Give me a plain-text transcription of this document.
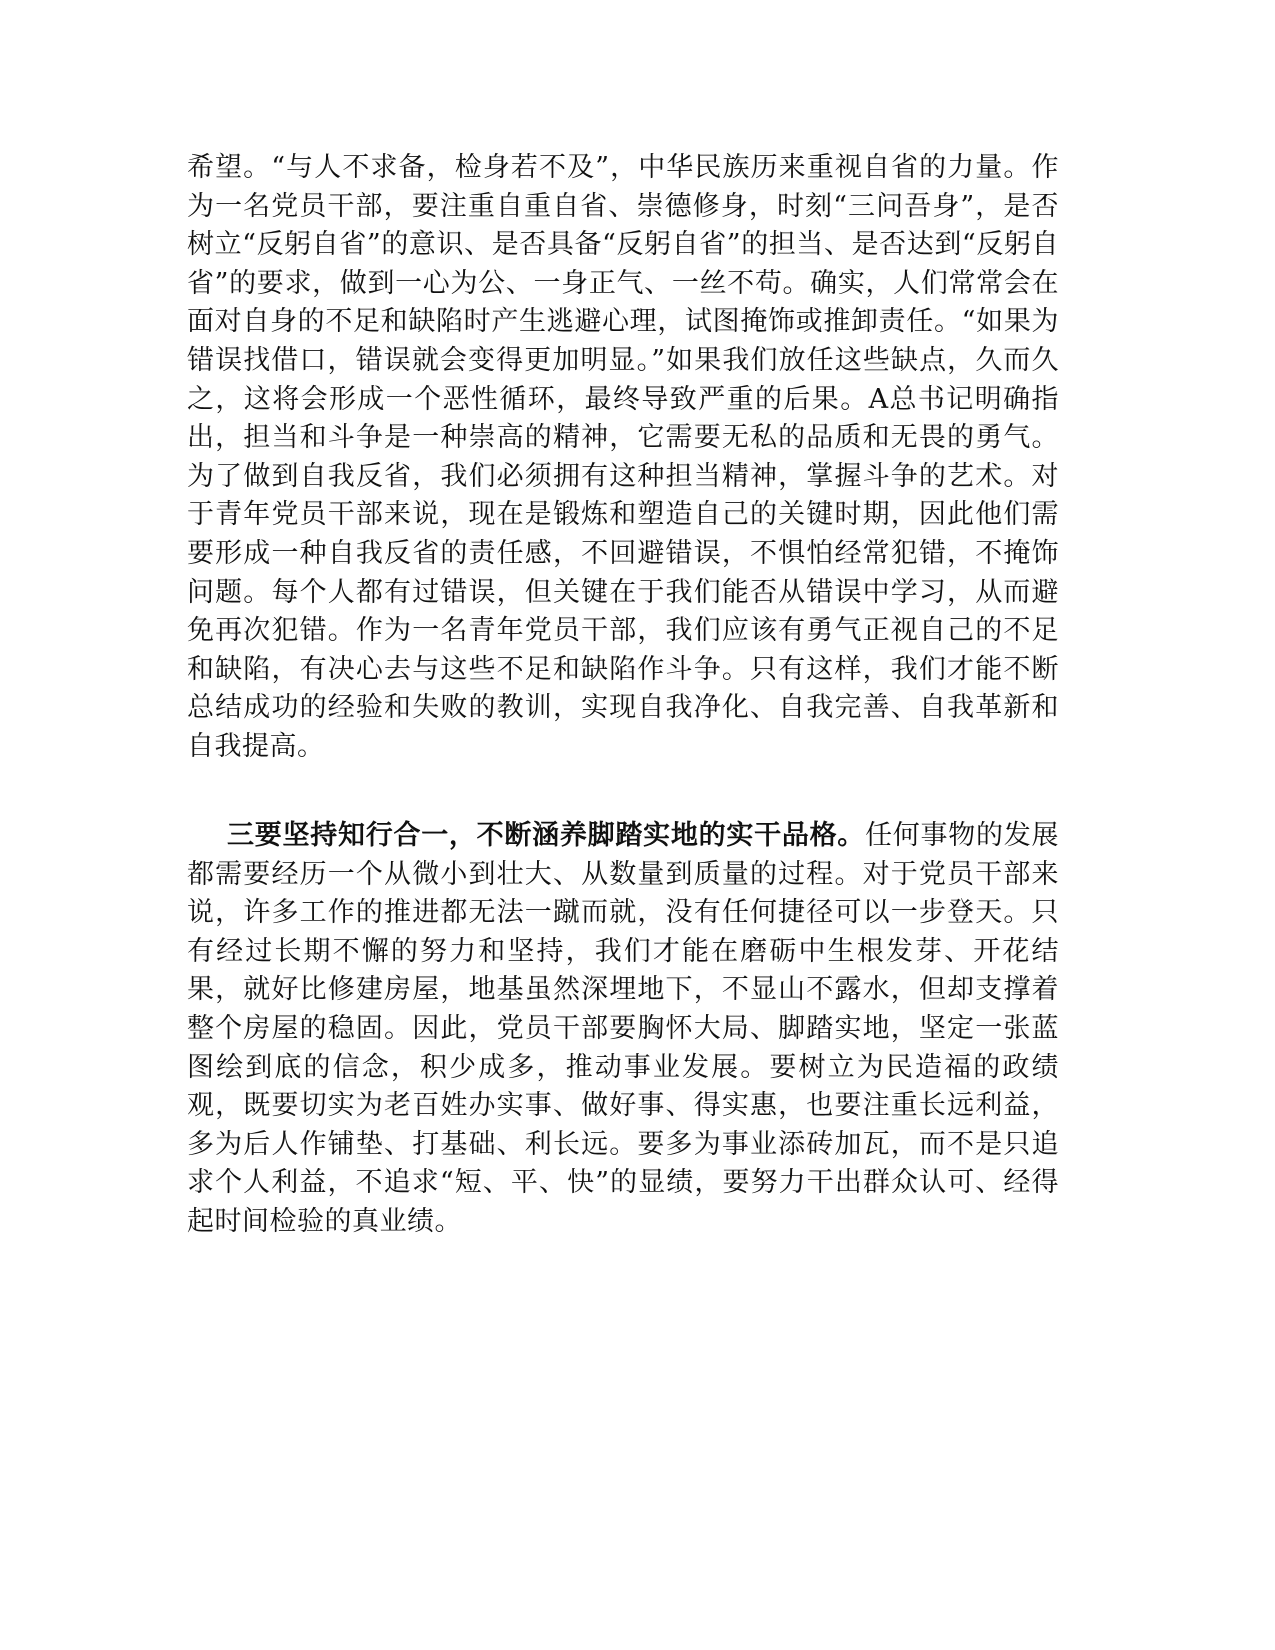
希望。“与人不求备，检身若不及”，中华民族历来重视自省的力量。作为一名党员干部，要注重自重自省、崇德修身，时刻“三问吾身”，是否树立“反躬自省”的意识、是否具备“反躬自省”的担当、是否达到“反躬自省”的要求，做到一心为公、一身正气、一丝不苟。确实，人们常常会在面对自身的不足和缺陷时产生逃避心理，试图掩饰或推卸责任。“如果为错误找借口，错误就会变得更加明显。”如果我们放任这些缺点，久而久之，这将会形成一个恶性循环，最终导致严重的后果。A总书记明确指出，担当和斗争是一种崇高的精神，它需要无私的品质和无畏的勇气。为了做到自我反省，我们必须拥有这种担当精神，掌握斗争的艺术。对于青年党员干部来说，现在是锻炼和塑造自己的关键时期，因此他们需要形成一种自我反省的责任感，不回避错误，不惧怕经常犯错，不掩饰问题。每个人都有过错误，但关键在于我们能否从错误中学习，从而避免再次犯错。作为一名青年党员干部，我们应该有勇气正视自己的不足和缺陷，有决心去与这些不足和缺陷作斗争。只有这样，我们才能不断总结成功的经验和失败的教训，实现自我净化、自我完善、自我革新和自我提高。

三要坚持知行合一，不断涵养脚踏实地的实干品格。任何事物的发展都需要经历一个从微小到壮大、从数量到质量的过程。对于党员干部来说，许多工作的推进都无法一蹴而就，没有任何捷径可以一步登天。只有经过长期不懈的努力和坚持，我们才能在磨砺中生根发芽、开花结果，就好比修建房屋，地基虽然深埋地下，不显山不露水，但却支撑着整个房屋的稳固。因此，党员干部要胸怀大局、脚踏实地，坚定一张蓝图绘到底的信念，积少成多，推动事业发展。要树立为民造福的政绩观，既要切实为老百姓办实事、做好事、得实惠，也要注重长远利益，多为后人作铺垫、打基础、利长远。要多为事业添砖加瓦，而不是只追求个人利益，不追求“短、平、快”的显绩，要努力干出群众认可、经得起时间检验的真业绩。
